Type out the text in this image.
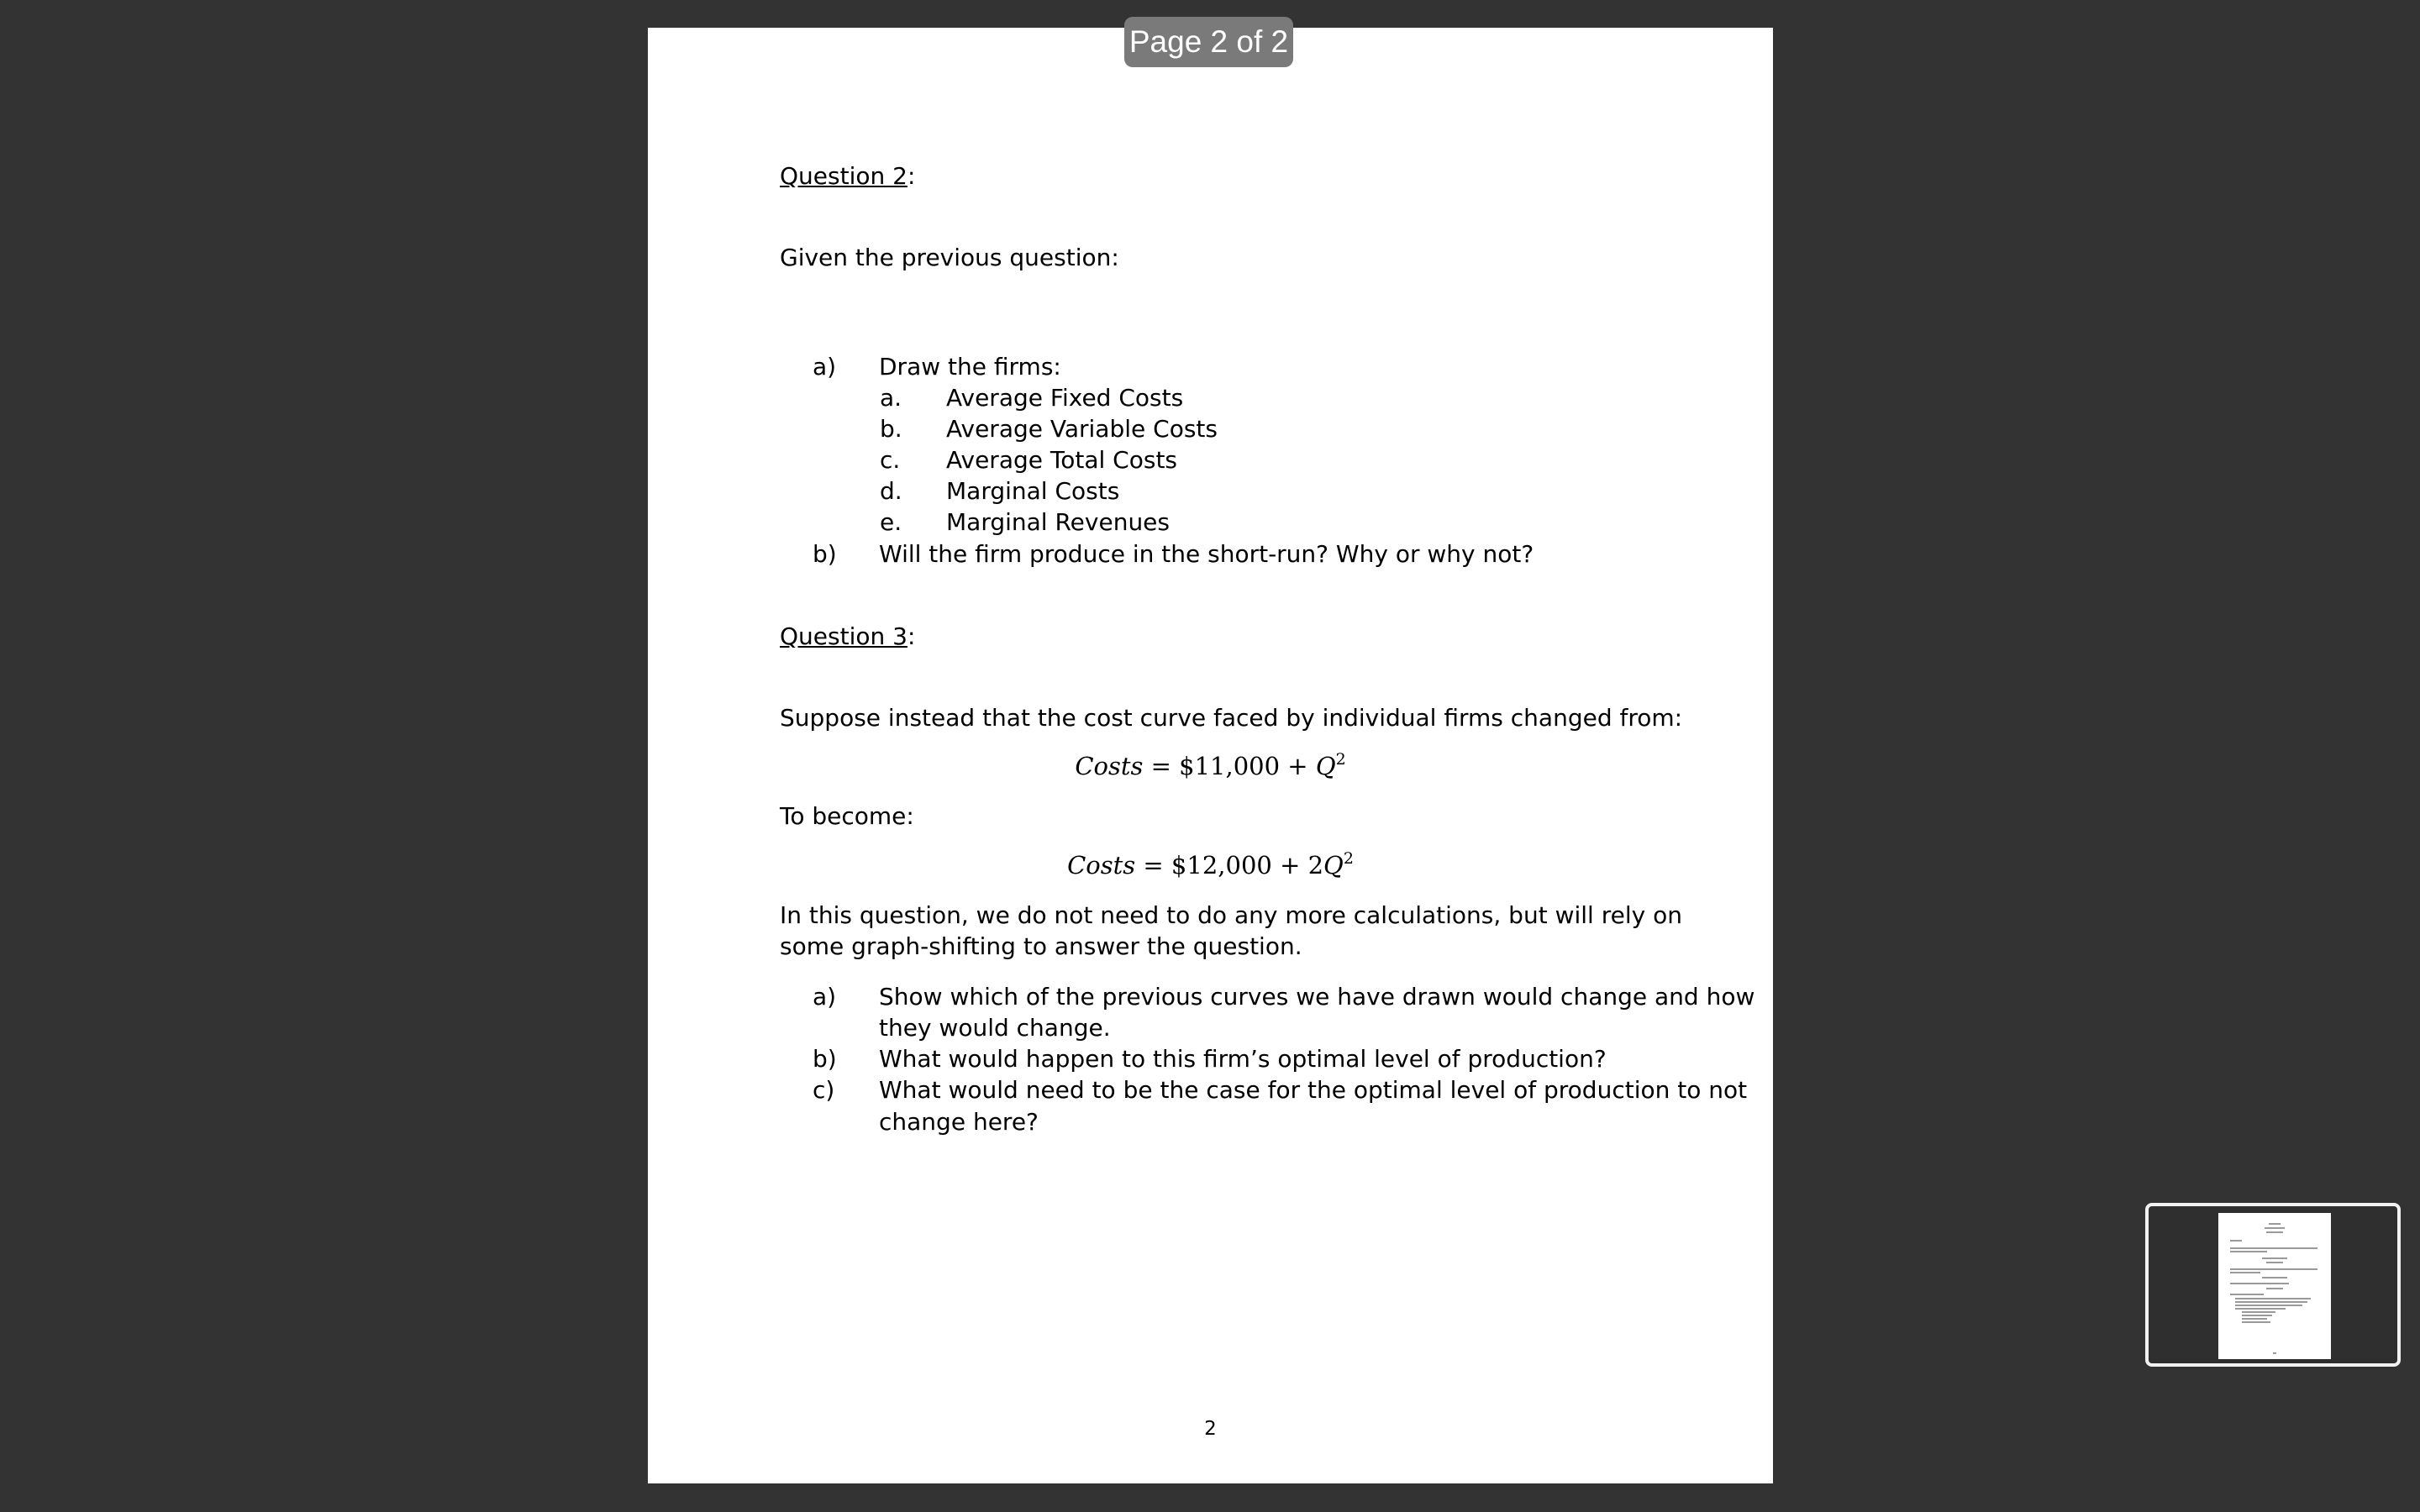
Page 2 of 2
Question 2:
Given the previous question:
a) Draw the firms:
a. Average Fixed Costs
b. Average Variable Costs
c. Average Total Costs
d. Marginal Costs
e. Marginal Revenues
b) Will the firm produce in the short-run? Why or why not?
Question 3:
Suppose instead that the cost curve faced by individual firms changed from:
Costs = $11,000 + $Q^2$
To become:
Costs = $12,000 + $2Q^2$
In this question, we do not need to do any more calculations, but will rely on
some graph-shifting to answer the question.
a) Show which of the previous curves we have drawn would change and how
they would change.
b) What would happen to this firm’s optimal level of production?
c) What would need to be the case for the optimal level of production to not
change here?
2
